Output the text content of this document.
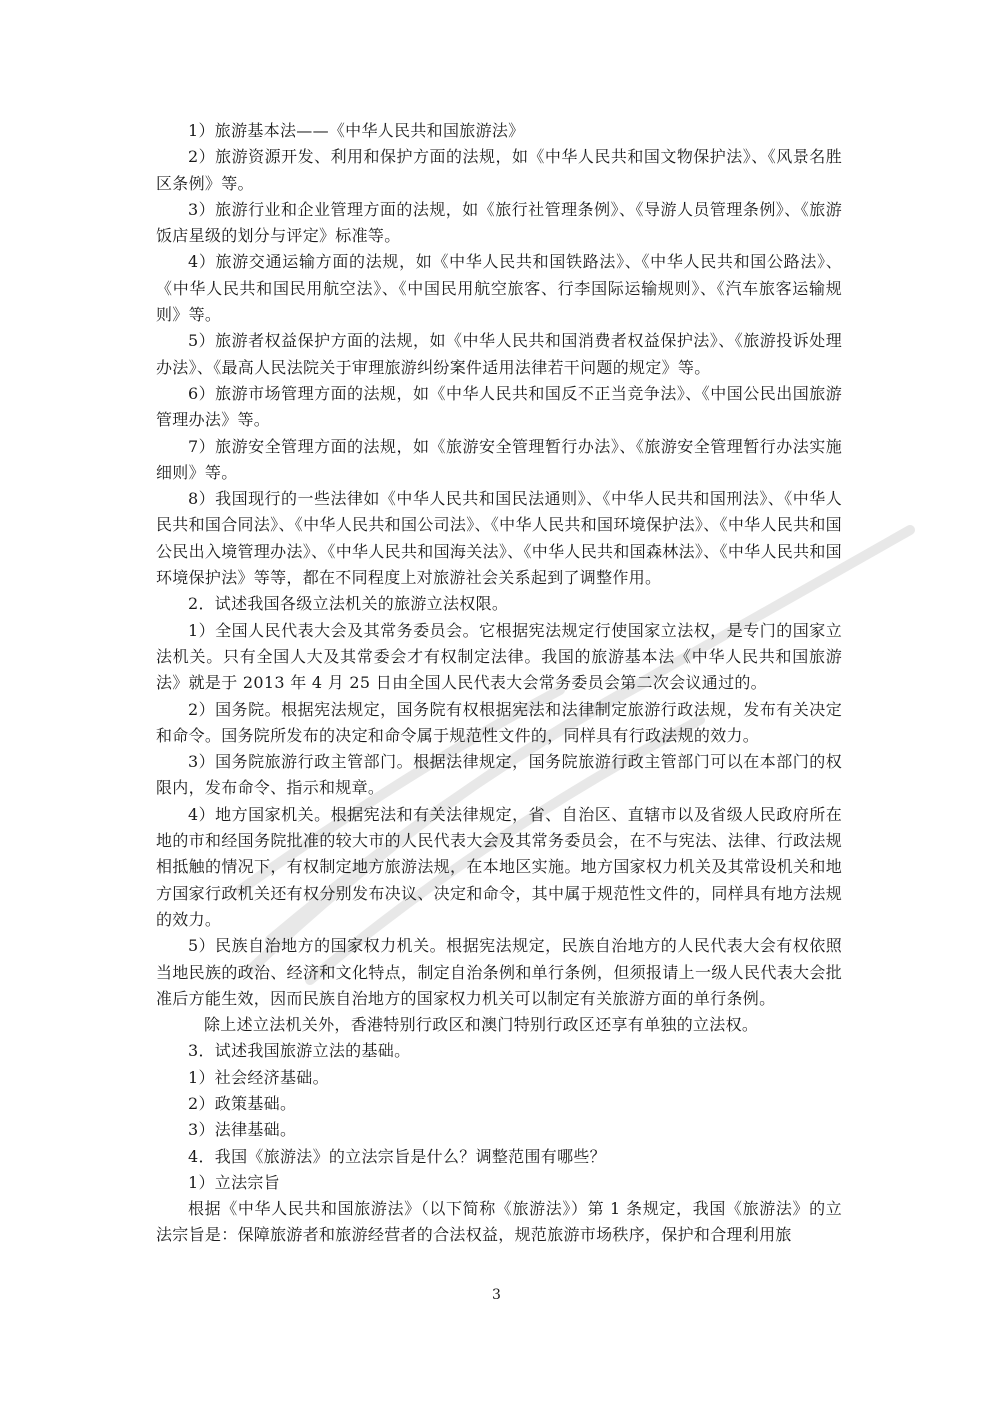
1）旅游基本法——《中华人民共和国旅游法》

2）旅游资源开发、利用和保护方面的法规，如《中华人民共和国文物保护法》、《风景名胜区条例》等。

3）旅游行业和企业管理方面的法规，如《旅行社管理条例》、《导游人员管理条例》、《旅游饭店星级的划分与评定》标准等。

4）旅游交通运输方面的法规，如《中华人民共和国铁路法》、《中华人民共和国公路法》、《中华人民共和国民用航空法》、《中国民用航空旅客、行李国际运输规则》、《汽车旅客运输规则》等。

5）旅游者权益保护方面的法规，如《中华人民共和国消费者权益保护法》、《旅游投诉处理办法》、《最高人民法院关于审理旅游纠纷案件适用法律若干问题的规定》等。

6）旅游市场管理方面的法规，如《中华人民共和国反不正当竞争法》、《中国公民出国旅游管理办法》等。

7）旅游安全管理方面的法规，如《旅游安全管理暂行办法》、《旅游安全管理暂行办法实施细则》等。

8）我国现行的一些法律如《中华人民共和国民法通则》、《中华人民共和国刑法》、《中华人民共和国合同法》、《中华人民共和国公司法》、《中华人民共和国环境保护法》、《中华人民共和国公民出入境管理办法》、《中华人民共和国海关法》、《中华人民共和国森林法》、《中华人民共和国环境保护法》等等，都在不同程度上对旅游社会关系起到了调整作用。

2．试述我国各级立法机关的旅游立法权限。

1）全国人民代表大会及其常务委员会。它根据宪法规定行使国家立法权，是专门的国家立法机关。只有全国人大及其常委会才有权制定法律。我国的旅游基本法《中华人民共和国旅游法》就是于 2013 年 4 月 25 日由全国人民代表大会常务委员会第二次会议通过的。

2）国务院。根据宪法规定，国务院有权根据宪法和法律制定旅游行政法规，发布有关决定和命令。国务院所发布的决定和命令属于规范性文件的，同样具有行政法规的效力。

3）国务院旅游行政主管部门。根据法律规定，国务院旅游行政主管部门可以在本部门的权限内，发布命令、指示和规章。

4）地方国家机关。根据宪法和有关法律规定，省、自治区、直辖市以及省级人民政府所在地的市和经国务院批准的较大市的人民代表大会及其常务委员会，在不与宪法、法律、行政法规相抵触的情况下，有权制定地方旅游法规，在本地区实施。地方国家权力机关及其常设机关和地方国家行政机关还有权分别发布决议、决定和命令，其中属于规范性文件的，同样具有地方法规的效力。

5）民族自治地方的国家权力机关。根据宪法规定，民族自治地方的人民代表大会有权依照当地民族的政治、经济和文化特点，制定自治条例和单行条例，但须报请上一级人民代表大会批准后方能生效，因而民族自治地方的国家权力机关可以制定有关旅游方面的单行条例。

除上述立法机关外，香港特别行政区和澳门特别行政区还享有单独的立法权。

3．试述我国旅游立法的基础。

1）社会经济基础。

2）政策基础。

3）法律基础。

4．我国《旅游法》的立法宗旨是什么？调整范围有哪些？

1）立法宗旨

根据《中华人民共和国旅游法》（以下简称《旅游法》）第 1 条规定，我国《旅游法》的立法宗旨是：保障旅游者和旅游经营者的合法权益，规范旅游市场秩序，保护和合理利用旅

3
